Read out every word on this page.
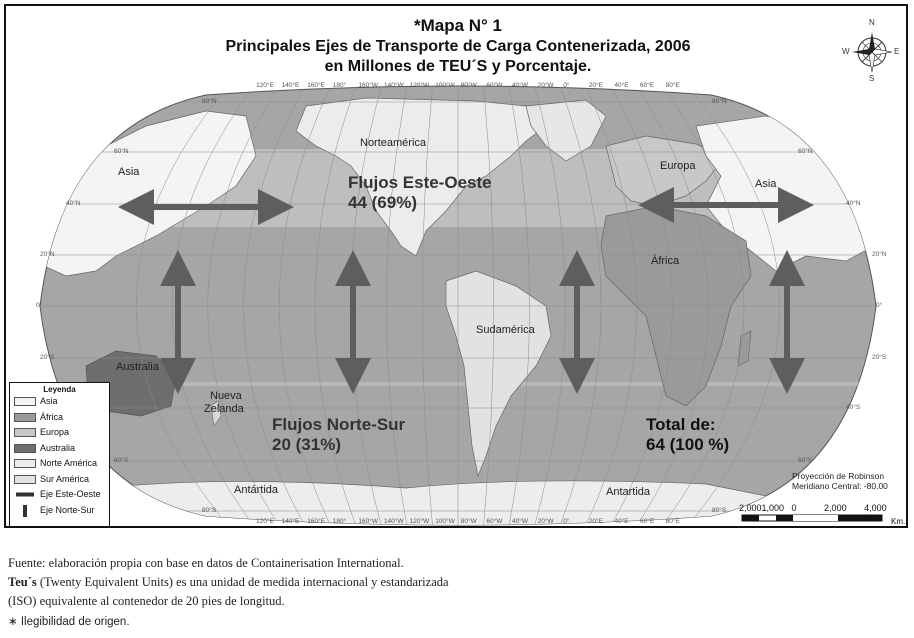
*Mapa N° 1
Principales Ejes de Transporte de Carga Contenerizada, 2006
en Millones de TEU´S y Porcentaje.
N
S
E
W
Norteamérica
Asia	Europa
Asia
África
Sudamérica
Australia
Nueva
Zelanda
Antártida	Antartida
Flujos Este-Oeste
44 (69%)
Flujos Norte-Sur
20 (31%)
Total de:
64 (100 %)
120°E 140°E 160°E 180° 160°W 140°W 120°W 100°W 80°W 60°W 40°W 20°W 0°	20°E 40°E 60°E 80°E
120°E 140°E 160°E 180° 160°W 140°W 120°W 100°W 80°W 60°W 40°W 20°W 0°	20°E 40°E 60°E 80°E
80°N
60°N
40°N
20°N
0°
20°S
60°S
80°S
80°N
60°N
40°N
20°N
0°
20°S
40°S
60°S
80°S
Leyenda
Asia
África
Europa
Australia
Norte América
Sur América
Eje Este-Oeste
Eje Norte-Sur
Proyección de Robinson
Meridiano Central: -80.00
2,0001,000   0           2,000       4,000
Km.

Fuente: elaboración propia con base en datos de Containerisation International.

Teu´s (Twenty Equivalent Units) es una unidad de medida internacional y estandarizada

(ISO) equivalente al contenedor de 20 pies de longitud.

∗ Ilegibilidad de origen.
